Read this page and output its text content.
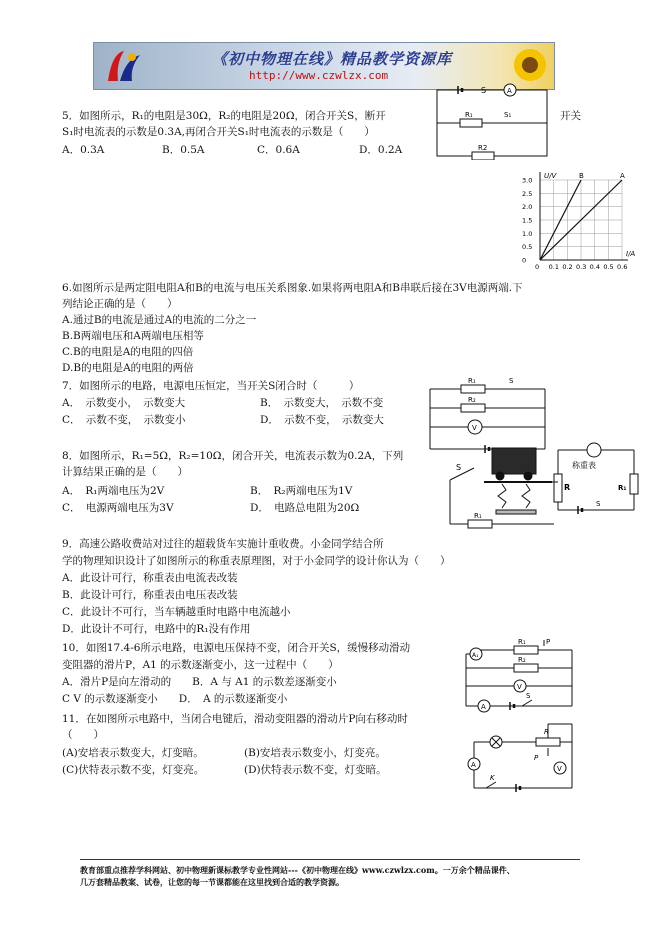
《初中物理在线》精品教学资源库
http://www.czwlzx.com
5．如图所示，R₁的电阻是30Ω，R₂的电阻是20Ω，闭合开关S，断开	开关
S₁时电流表的示数是0.3A,再闭合开关S₁时电流表的示数是（　　）
A．0.3A	B．0.5A	C．0.6A	D．0.2A
S	A
R₁	S₁
R2
B	A
0 0.1 0.2 0.3 0.4 0.5 0.6
0
0.5
1.0
1.5
2.0
2.5
3.0
U/V
I/A
6.如图所示是两定阻电阻A和B的电流与电压关系图象.如果将两电阻A和B串联后接在3V电源两端.下
列结论正确的是（　　）
A.通过B的电流是通过A的电流的二分之一
B.B两端电压和A两端电压相等
C.B的电阻是A的电阻的四倍
D.B的电阻是A的电阻的两倍
7．如图所示的电路，电源电压恒定，当开关S闭合时（　　　）
A．　示数变小，　示数变大	B．　示数变大，　示数不变
C．　示数不变，　示数变小	D．　示数不变，　示数变大
R₁	S
R₂
V
8．如图所示，R₁=5Ω，R₂=10Ω，闭合开关，电流表示数为0.2A，下列
计算结果正确的是（　　）
A．　R₁两端电压为2V	B．　R₂两端电压为1V
C．　电源两端电压为3V	D．　电路总电阻为20Ω
S	称重表
R	R₁
S
R₁
9．高速公路收费站对过往的超载货车实施计重收费。小金同学结合所
学的物理知识设计了如图所示的称重表原理图，对于小金同学的设计你认为（　　）
A．此设计可行，称重表由电流表改装
B．此设计可行，称重表由电压表改装
C．此设计不可行，当车辆越重时电路中电流越小
D．此设计不可行，电路中的R₁没有作用
10．如图17.4-6所示电路，电源电压保持不变，闭合开关S，缓慢移动滑动
变阻器的滑片P，A1 的示数逐渐变小，这一过程中（　　）
A．滑片P是向左滑动的　　B．A 与 A1 的示数差逐渐变小
C V 的示数逐渐变小　　D．　A 的示数逐渐变小
A₁
R₁	P
R₂
V
A
S
11．在如图所示电路中，当闭合电键后，滑动变阻器的滑动片P向右移动时
（　　）
(A)安培表示数变大，灯变暗。	(B)安培表示数变小，灯变亮。
(C)伏特表示数不变，灯变亮。	(D)伏特表示数不变，灯变暗。
R
P
V
A
K
教育部重点推荐学科网站、初中物理新课标教学专业性网站---《初中物理在线》www.czwlzx.com。一万余个精品课件、
几万套精品教案、试卷，让您的每一节课都能在这里找到合适的教学资源。
